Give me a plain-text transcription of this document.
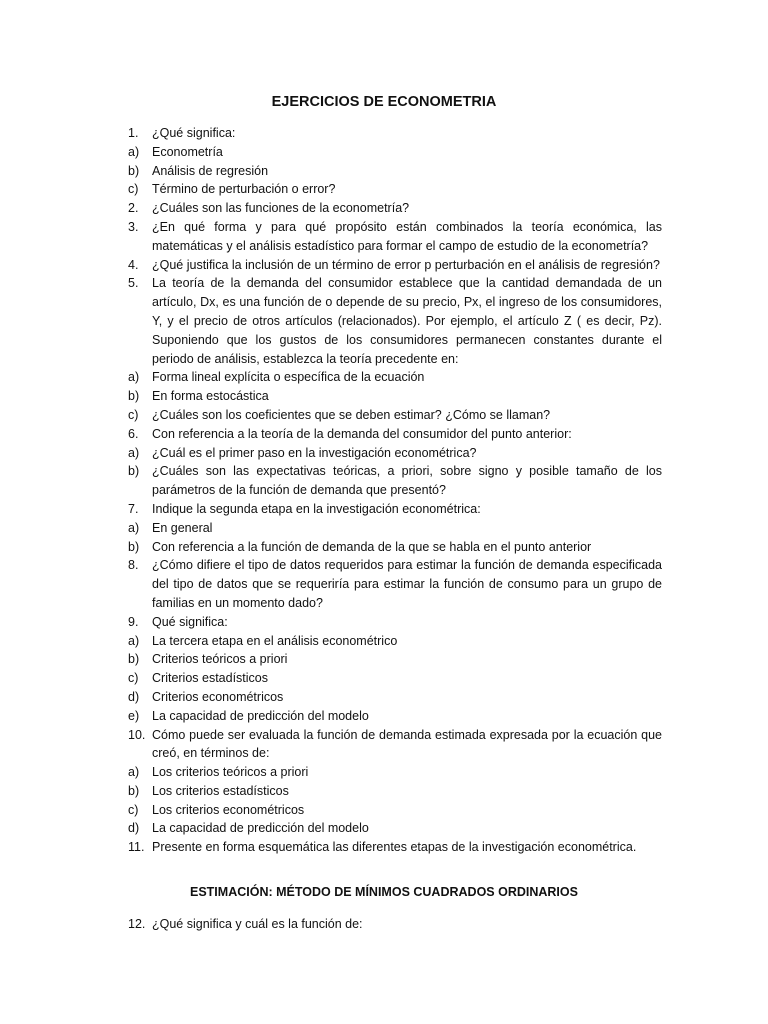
EJERCICIOS DE ECONOMETRIA
1.	¿Qué significa:
a)	Econometría
b)	Análisis de regresión
c)	Término de perturbación o error?
2.	¿Cuáles son las funciones de la econometría?
3.	¿En qué forma y para qué propósito están combinados la teoría económica, las matemáticas y el análisis estadístico para formar el campo de estudio de la econometría?
4.	¿Qué justifica la inclusión de un término de error p perturbación en el análisis de regresión?
5.	La teoría de la demanda del consumidor establece que la cantidad demandada de un artículo, Dx, es una función de o depende de su precio, Px, el ingreso de los consumidores, Y, y el precio de otros artículos (relacionados). Por ejemplo, el artículo Z ( es decir, Pz). Suponiendo que los gustos de los consumidores permanecen constantes durante el periodo de análisis, establezca la teoría precedente en:
a)	Forma lineal explícita o específica de la ecuación
b)	En forma estocástica
c)	¿Cuáles son los coeficientes que se deben estimar? ¿Cómo se llaman?
6.	Con referencia a la teoría de la demanda del consumidor del punto anterior:
a)	¿Cuál es el primer paso en la investigación econométrica?
b)	¿Cuáles son las expectativas teóricas, a priori, sobre signo y posible tamaño de los parámetros de la función de demanda que presentó?
7.	Indique la segunda etapa en la investigación econométrica:
a)	En general
b)	Con referencia a la función de demanda de la que se habla en el punto anterior
8.	¿Cómo difiere el tipo de datos requeridos para estimar la función de demanda especificada del tipo de datos que se requeriría para estimar la función de consumo para un grupo de familias en un momento dado?
9.	Qué significa:
a)	La tercera etapa en el análisis econométrico
b)	Criterios teóricos a priori
c)	Criterios estadísticos
d)	Criterios econométricos
e)	La capacidad de predicción del modelo
10. Cómo puede ser evaluada la función de demanda estimada expresada por la ecuación que creó, en términos de:
a)	Los criterios teóricos a priori
b)	Los criterios estadísticos
c)	Los criterios econométricos
d)	La capacidad de predicción del modelo
11. Presente en forma esquemática las diferentes etapas de la investigación econométrica.
ESTIMACIÓN: MÉTODO DE MÍNIMOS CUADRADOS ORDINARIOS
12. ¿Qué significa y cuál es la función de:
